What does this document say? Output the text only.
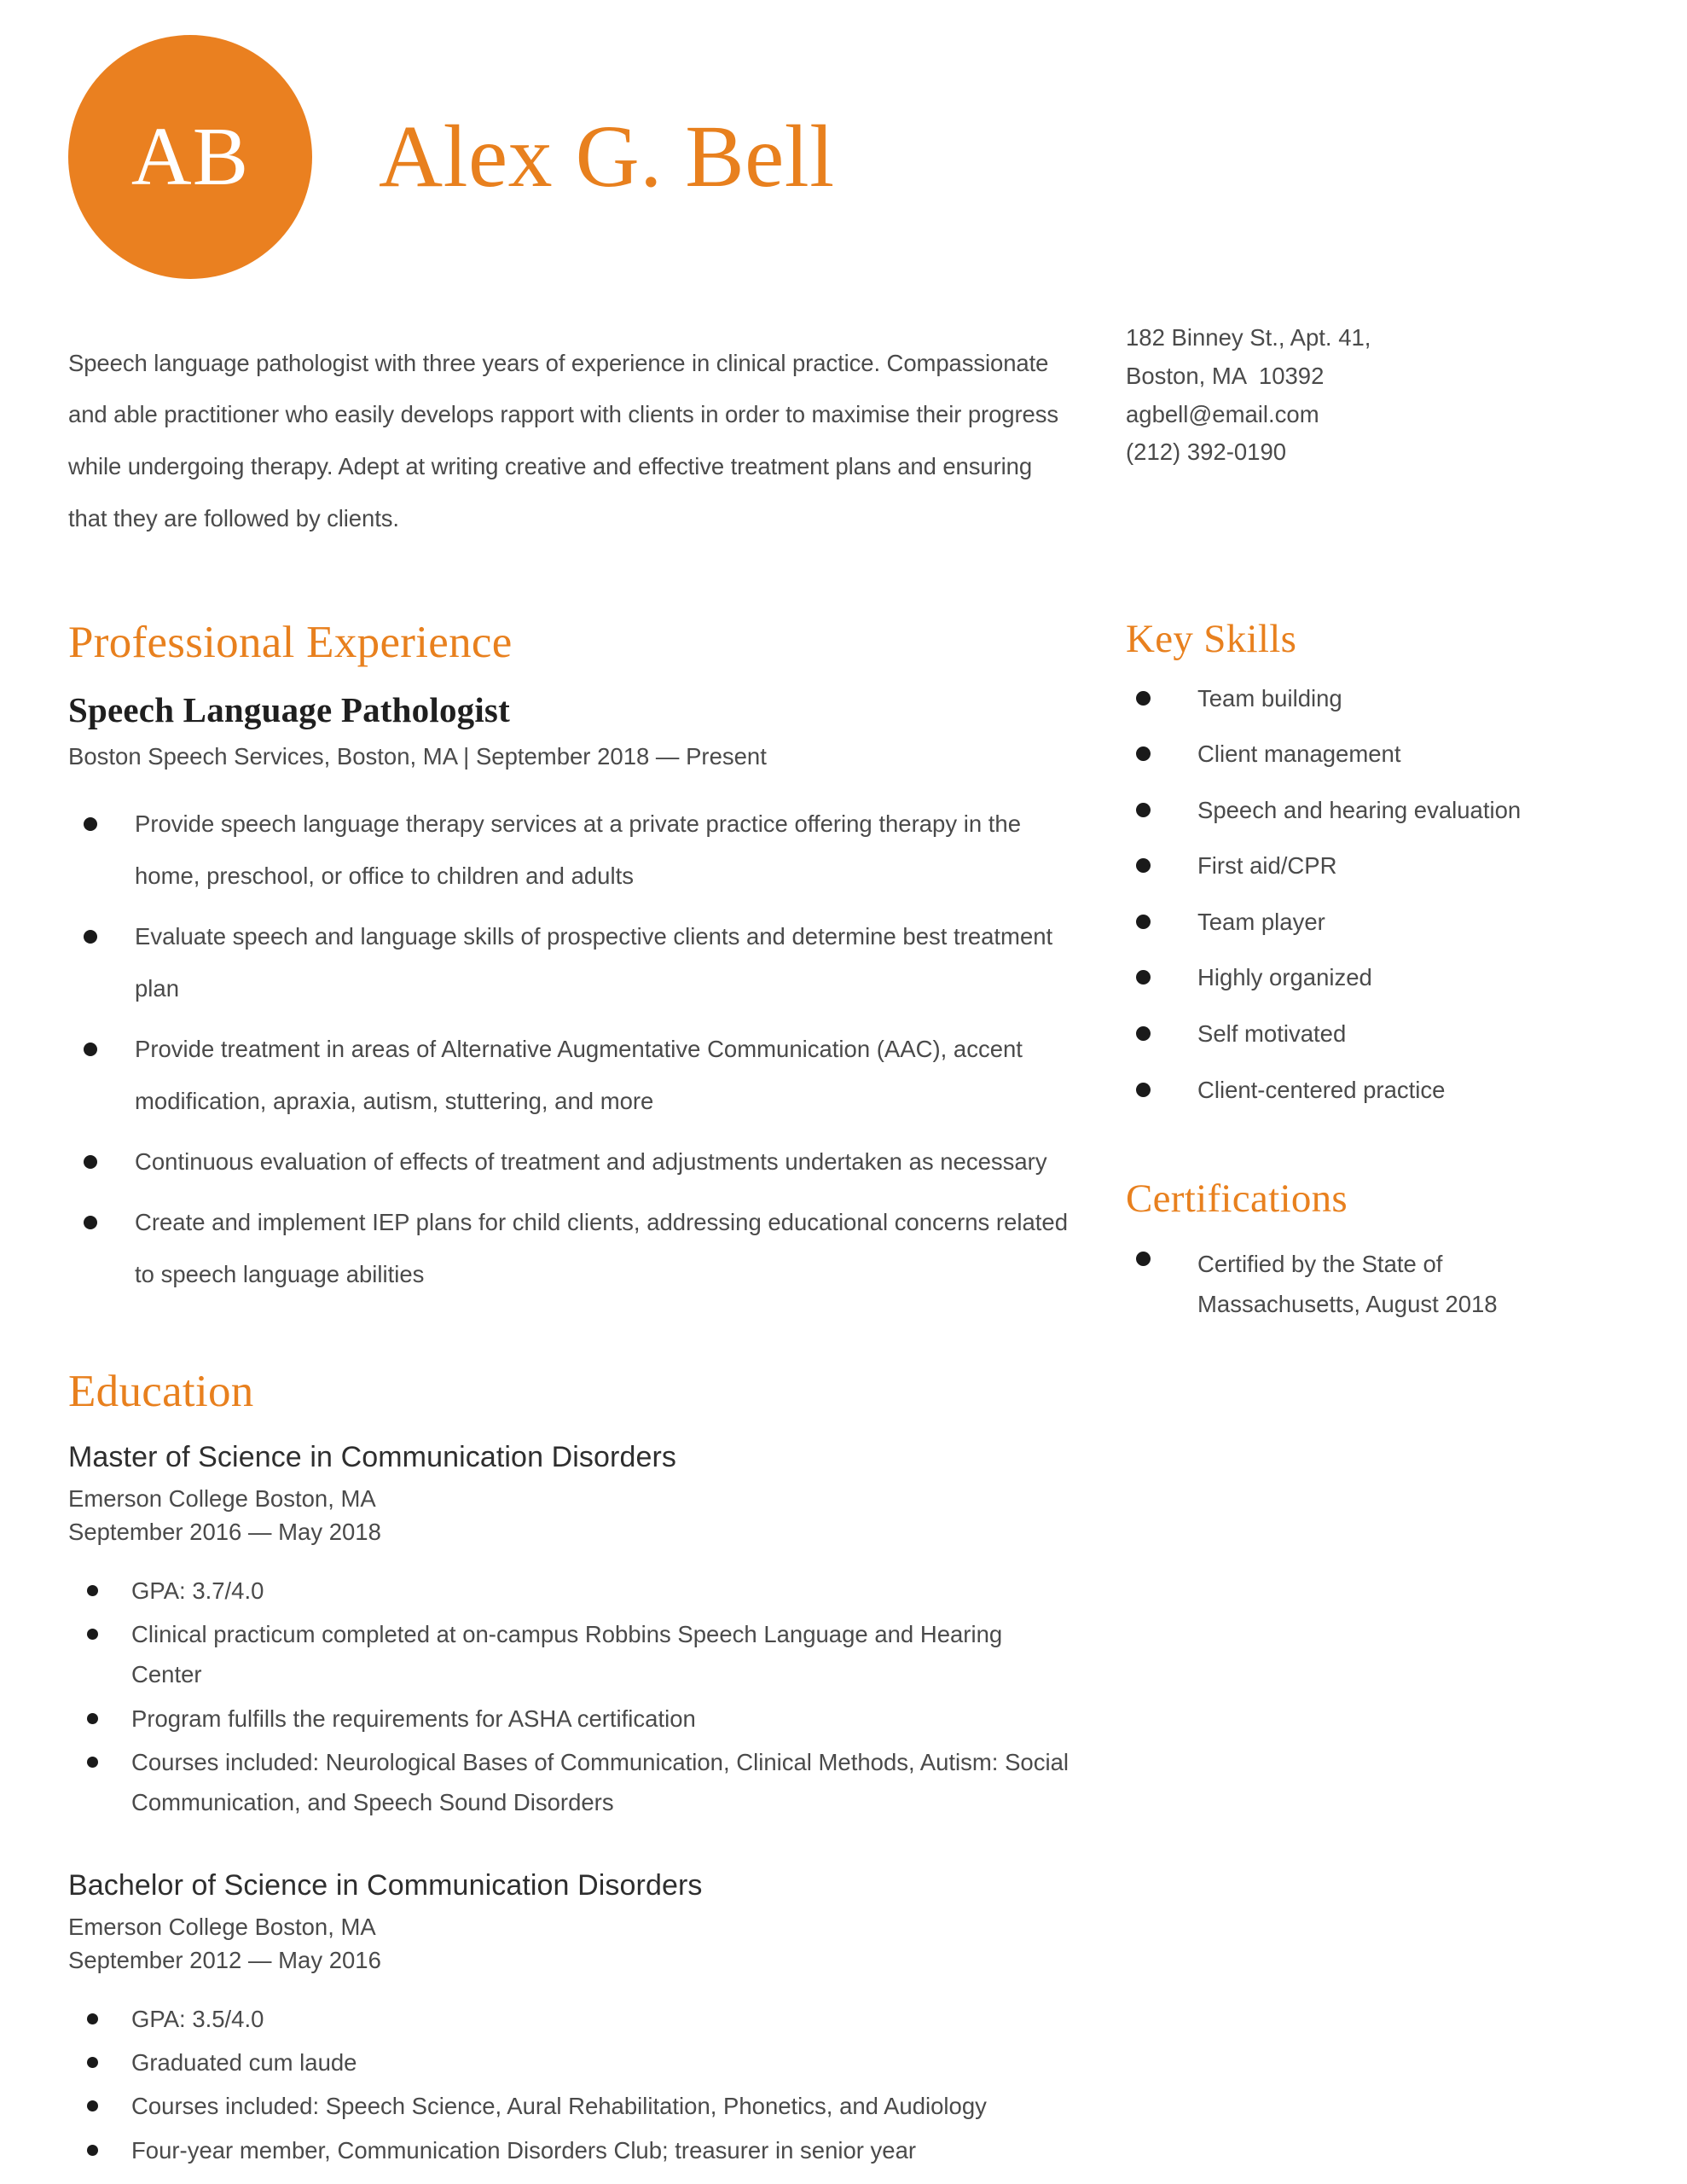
AB Alex G. Bell

Speech language pathologist with three years of experience in clinical practice. Compassionate and able practitioner who easily develops rapport with clients in order to maximise their progress while undergoing therapy. Adept at writing creative and effective treatment plans and ensuring that they are followed by clients.

182 Binney St., Apt. 41,
Boston, MA  10392
agbell@email.com
(212) 392-0190
Professional Experience
Speech Language Pathologist
Boston Speech Services, Boston, MA | September 2018 — Present
Provide speech language therapy services at a private practice offering therapy in the home, preschool, or office to children and adults
Evaluate speech and language skills of prospective clients and determine best treatment plan
Provide treatment in areas of Alternative Augmentative Communication (AAC), accent modification, apraxia, autism, stuttering, and more
Continuous evaluation of effects of treatment and adjustments undertaken as necessary
Create and implement IEP plans for child clients, addressing educational concerns related to speech language abilities
Education
Master of Science in Communication Disorders
Emerson College Boston, MA
September 2016 — May 2018
GPA: 3.7/4.0
Clinical practicum completed at on-campus Robbins Speech Language and Hearing Center
Program fulfills the requirements for ASHA certification
Courses included: Neurological Bases of Communication, Clinical Methods, Autism: Social Communication, and Speech Sound Disorders
Bachelor of Science in Communication Disorders
Emerson College Boston, MA
September 2012 — May 2016
GPA: 3.5/4.0
Graduated cum laude
Courses included: Speech Science, Aural Rehabilitation, Phonetics, and Audiology
Four-year member, Communication Disorders Club; treasurer in senior year
Key Skills
Team building
Client management
Speech and hearing evaluation
First aid/CPR
Team player
Highly organized
Self motivated
Client-centered practice
Certifications
Certified by the State of Massachusetts, August 2018
